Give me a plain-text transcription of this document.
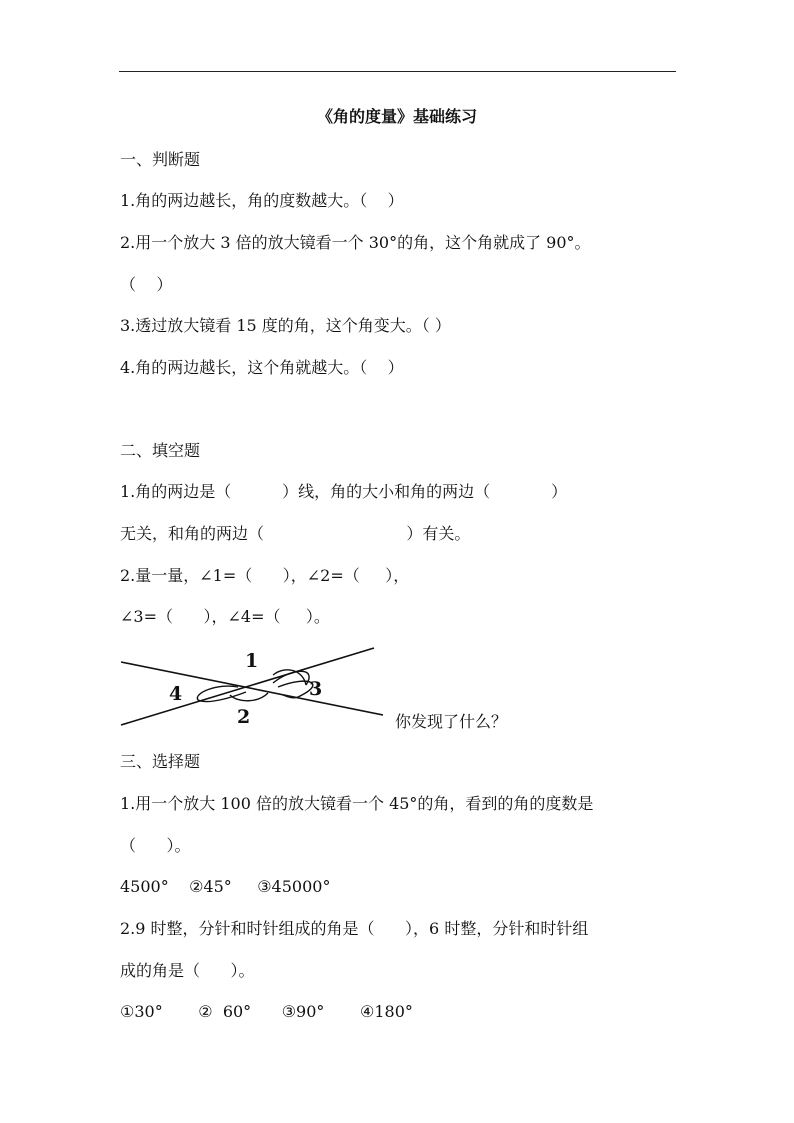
《角的度量》基础练习
一、判断题
1.角的两边越长，角的度数越大。（    ）
2.用一个放大 3 倍的放大镜看一个 30°的角，这个角就成了 90°。
（    ）
3.透过放大镜看 15 度的角，这个角变大。（ ）
4.角的两边越长，这个角就越大。（    ）
二、填空题
1.角的两边是（          ）线，角的大小和角的两边（            ）
无关，和角的两边（                            ）有关。
2.量一量，∠1=（      ），∠2=（     ），
∠3=（      ），∠4=（     ）。
1
2
3
4
你发现了什么？
三、选择题
1.用一个放大 100 倍的放大镜看一个 45°的角，看到的角的度数是
（      ）。
4500°    ②45°     ③45000°
2.9 时整，分针和时针组成的角是（      ），6 时整，分针和时针组
成的角是（      ）。
①30°       ②  60°      ③90°       ④180°
